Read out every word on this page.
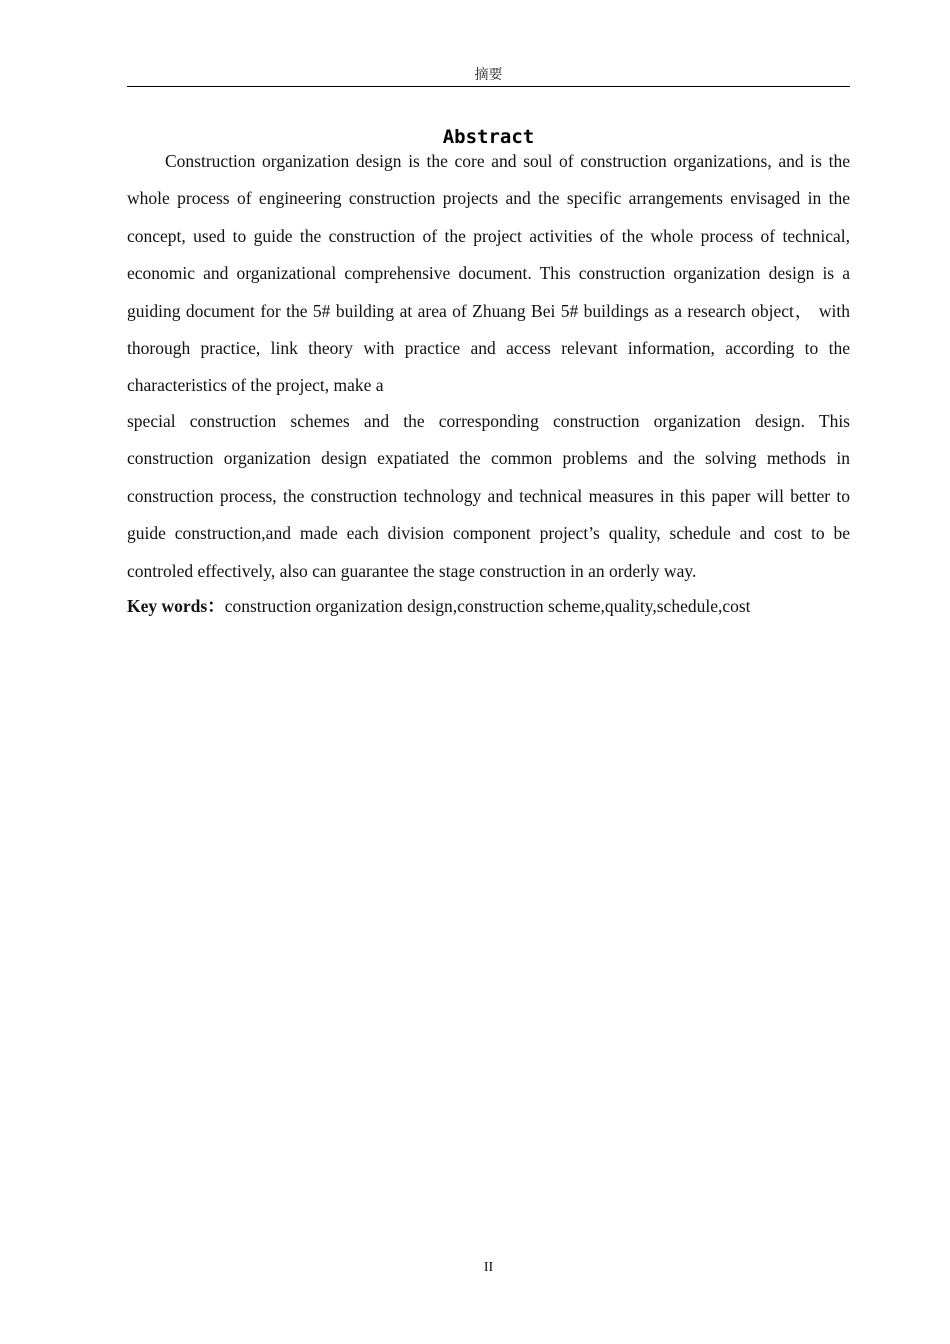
摘要
Abstract

Construction organization design is the core and soul of construction organizations, and is the whole process of engineering construction projects and the specific arrangements envisaged in the concept, used to guide the construction of the project activities of the whole process of technical, economic and organizational comprehensive document. This construction organization design is a guiding document for the 5# building at area of Zhuang Bei 5# buildings as a research object， with thorough practice, link theory with practice and access relevant information, according to the characteristics of the project, make a

special construction schemes and the corresponding construction organization design. This construction organization design expatiated the common problems and the solving methods in construction process, the construction technology and technical measures in this paper will better to guide construction,and made each division component project’s quality, schedule and cost to be controled effectively, also can guarantee the stage construction in an orderly way.

Key words：construction organization design,construction scheme,quality,schedule,cost

II
